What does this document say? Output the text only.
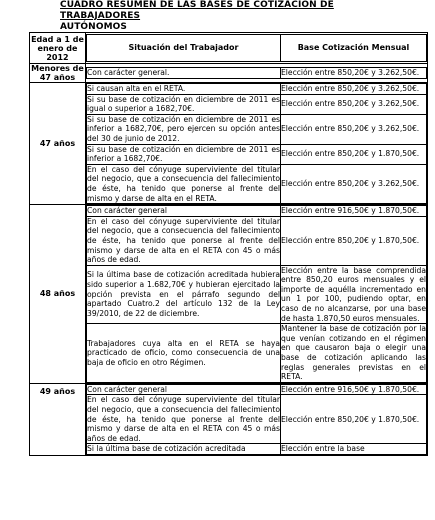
CUADRO RESUMEN DE LAS BASES DE COTIZACIÓN DE TRABAJADORES
AUTÓNOMOS
Edad a 1 de enero de 2012	
Situación del Trabajador	Base Cotización Mensual

Menores de 47 años	
Con carácter general.	Elección entre 850,20€ y 3.262,50€.

47 años	
Si causan alta en el RETA.	Elección entre 850,20€ y 3.262,50€.
Si su base de cotización en diciembre de 2011 es igual o superior a 1682,70€.	Elección entre 850,20€ y 3.262,50€.
Si su base de cotización en diciembre de 2011 es inferior a 1682,70€, pero ejercen su opción antes del 30 de junio de 2012.	Elección entre 850,20€ y 3.262,50€.
Si su base de cotización en diciembre de 2011 es inferior a 1682,70€.	Elección entre 850,20€ y 1.870,50€.
En el caso del cónyuge superviviente del titular del negocio, que a consecuencia del fallecimiento de éste, ha tenido que ponerse al frente del mismo y darse de alta en el RETA.	Elección entre 850,20€ y 3.262,50€.

48 años	
Con carácter general	Elección entre 916,50€ y 1.870,50€.
En el caso del cónyuge superviviente del titular del negocio, que a consecuencia del fallecimiento de éste, ha tenido que ponerse al frente del mismo y darse de alta en el RETA con 45 o más años de edad.	Elección entre 850,20€ y 1.870,50€.
Si la última base de cotización acreditada hubiera sido superior a 1.682,70€ y hubieran ejercitado la opción prevista en el párrafo segundo del apartado Cuatro.2 del artículo 132 de la Ley 39/2010, de 22 de diciembre.	Elección entre la base comprendida entre 850,20 euros mensuales y el importe de aquélla incrementado en un 1 por 100, pudiendo optar, en caso de no alcanzarse, por una base de hasta 1.870,50 euros mensuales.
Trabajadores cuya alta en el RETA se haya practicado de oficio, como consecuencia de una baja de oficio en otro Régimen.	Mantener la base de cotización por la que venían cotizando en el régimen en que causaron baja o elegir una base de cotización aplicando las reglas generales previstas en el RETA.

49 años	Con carácter general	Elección entre 916,50€ y 1.870,50€.
En el caso del cónyuge superviviente del titular del negocio, que a consecuencia del fallecimiento de éste, ha tenido que ponerse al frente del mismo y darse de alta en el RETA con 45 o más años de edad.	Elección entre 850,20€ y 1.870,50€.
Si la última base de cotización acreditada	Elección entre la base
